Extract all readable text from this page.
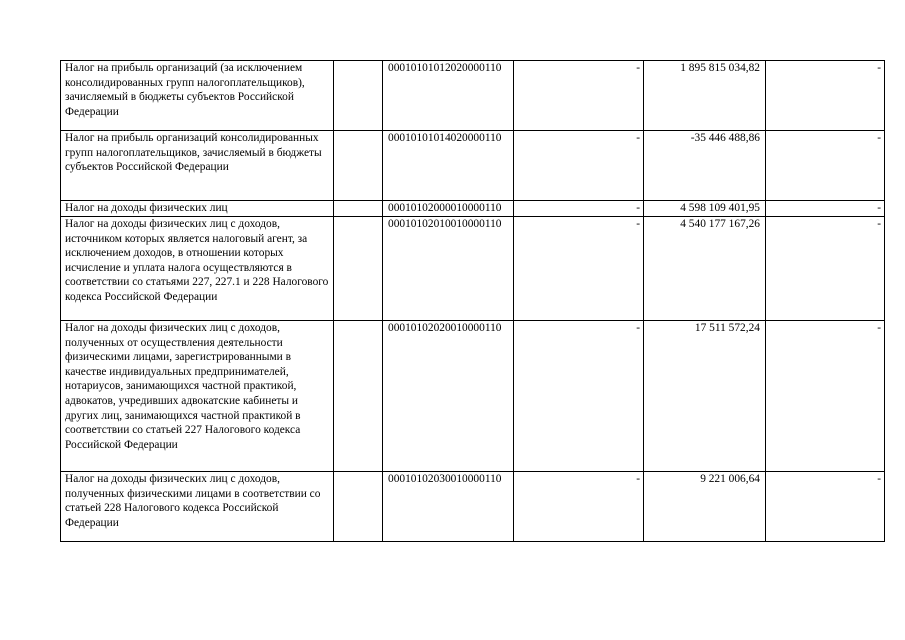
Налог на прибыль организаций (за исключением консолидированных групп налогоплательщиков), зачисляемый в бюджеты субъектов Российской Федерации		00010101012020000110	-	1 895 815 034,82	-
Налог на прибыль организаций консолидированных групп налогоплательщиков, зачисляемый в бюджеты субъектов Российской Федерации		00010101014020000110	-	-35 446 488,86	-
Налог на доходы физических лиц		00010102000010000110	-	4 598 109 401,95	-
Налог на доходы физических лиц с доходов, источником которых является налоговый агент, за исключением доходов, в отношении которых исчисление и уплата налога осуществляются в соответствии со статьями 227, 227.1 и 228 Налогового кодекса Российской Федерации		00010102010010000110	-	4 540 177 167,26	-
Налог на доходы физических лиц с доходов, полученных от осуществления деятельности физическими лицами, зарегистрированными в качестве индивидуальных предпринимателей, нотариусов, занимающихся частной практикой, адвокатов, учредивших адвокатские кабинеты и других лиц, занимающихся частной практикой в соответствии со статьей 227 Налогового кодекса Российской Федерации		00010102020010000110	-	17 511 572,24	-
Налог на доходы физических лиц с доходов, полученных физическими лицами в соответствии со статьей 228 Налогового кодекса Российской Федерации		00010102030010000110	-	9 221 006,64	-
